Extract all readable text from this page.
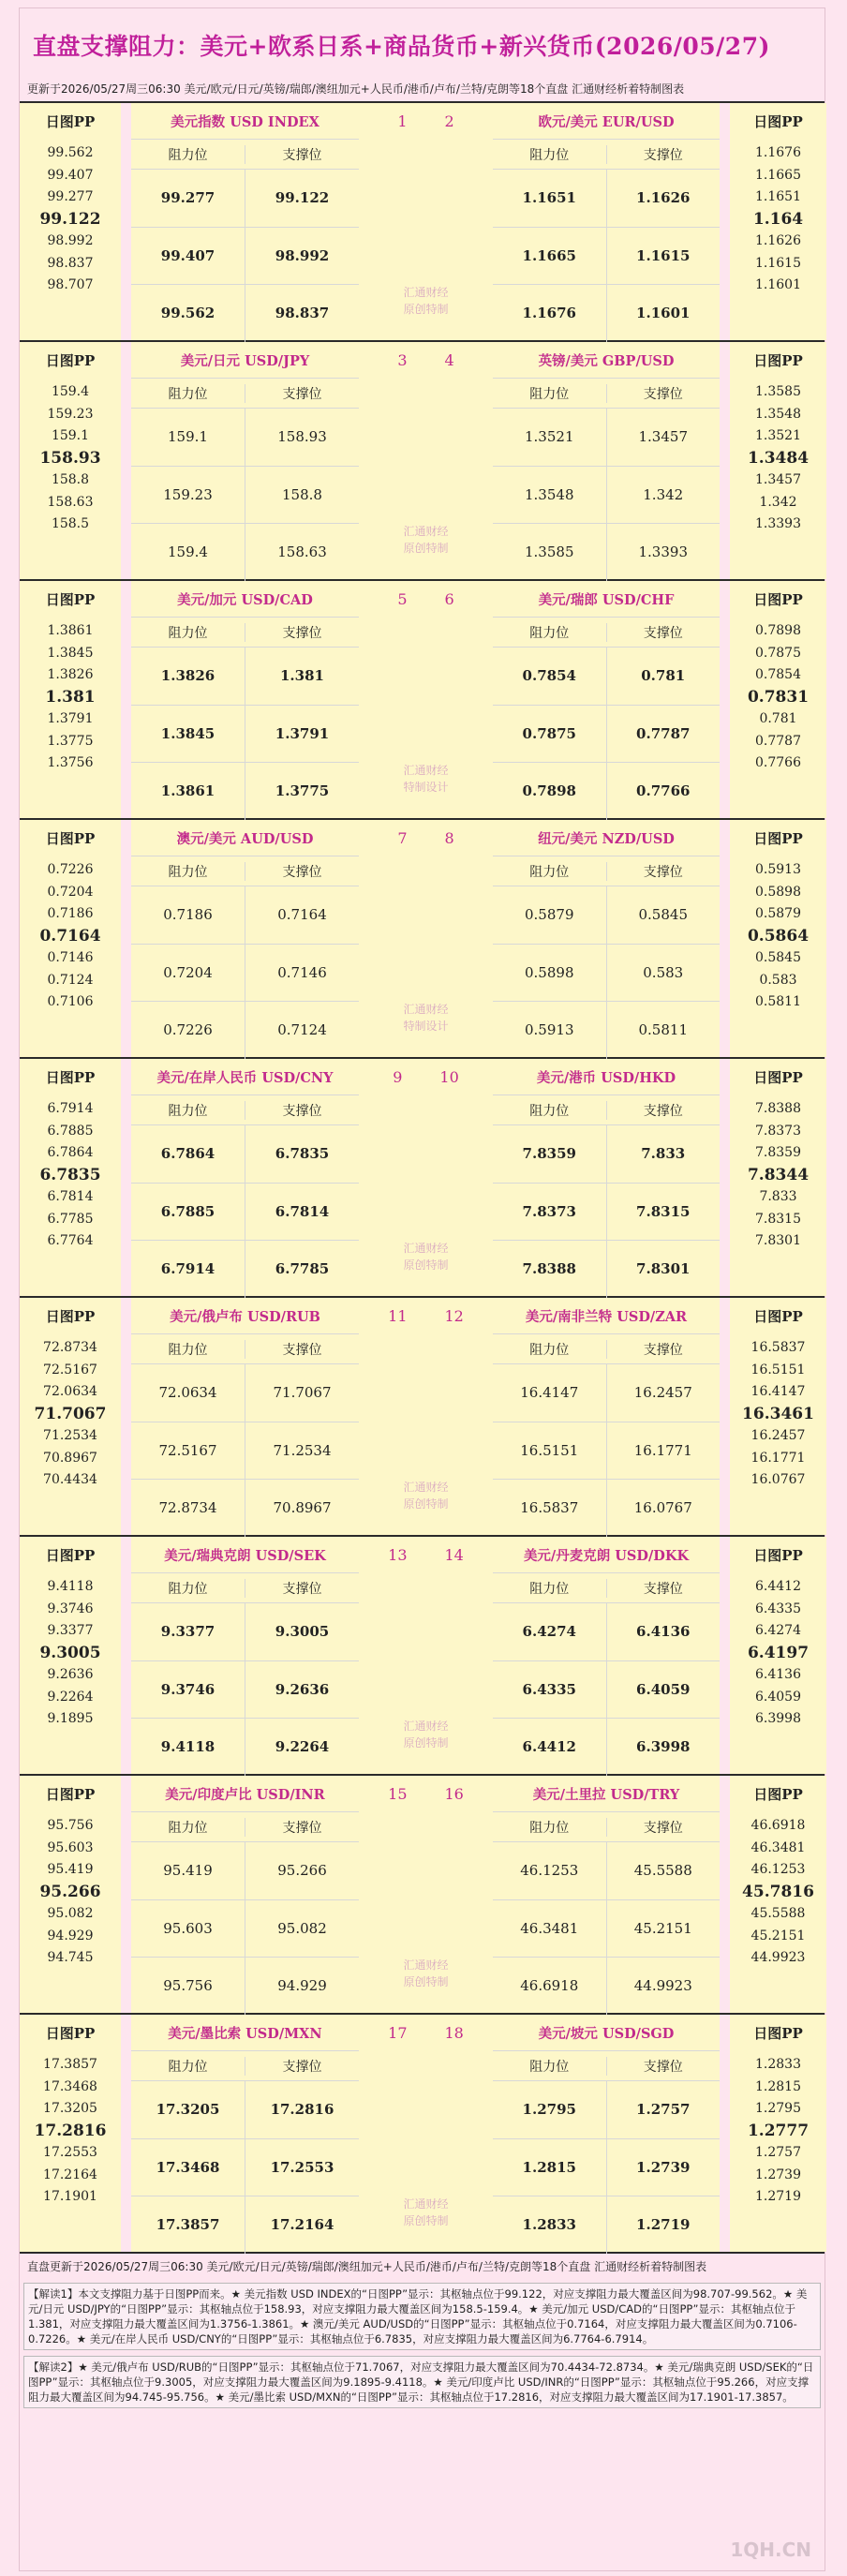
直盘支撑阻力：美元+欧系日系+商品货币+新兴货币(2026/05/27)
更新于2026/05/27周三06:30 美元/欧元/日元/英镑/瑞郎/澳纽加元+人民币/港币/卢布/兰特/克朗等18个直盘 汇通财经析着特制图表
日图PP
99.562
99.407
99.277
99.122
98.992
98.837
98.707
美元指数 USD INDEX
阻力位	支撑位
99.277	99.122
99.407	98.992
99.562	98.837
1	2
汇通财经
原创特制
欧元/美元 EUR/USD
阻力位	支撑位
1.1651	1.1626
1.1665	1.1615
1.1676	1.1601
日图PP
1.1676
1.1665
1.1651
1.164
1.1626
1.1615
1.1601
日图PP
159.4
159.23
159.1
158.93
158.8
158.63
158.5
美元/日元 USD/JPY
阻力位	支撑位
159.1	158.93
159.23	158.8
159.4	158.63
3	4
汇通财经
原创特制
英镑/美元 GBP/USD
阻力位	支撑位
1.3521	1.3457
1.3548	1.342
1.3585	1.3393
日图PP
1.3585
1.3548
1.3521
1.3484
1.3457
1.342
1.3393
日图PP
1.3861
1.3845
1.3826
1.381
1.3791
1.3775
1.3756
美元/加元 USD/CAD
阻力位	支撑位
1.3826	1.381
1.3845	1.3791
1.3861	1.3775
5	6
汇通财经
特制设计
美元/瑞郎 USD/CHF
阻力位	支撑位
0.7854	0.781
0.7875	0.7787
0.7898	0.7766
日图PP
0.7898
0.7875
0.7854
0.7831
0.781
0.7787
0.7766
日图PP
0.7226
0.7204
0.7186
0.7164
0.7146
0.7124
0.7106
澳元/美元 AUD/USD
阻力位	支撑位
0.7186	0.7164
0.7204	0.7146
0.7226	0.7124
7	8
汇通财经
特制设计
纽元/美元 NZD/USD
阻力位	支撑位
0.5879	0.5845
0.5898	0.583
0.5913	0.5811
日图PP
0.5913
0.5898
0.5879
0.5864
0.5845
0.583
0.5811
日图PP
6.7914
6.7885
6.7864
6.7835
6.7814
6.7785
6.7764
美元/在岸人民币 USD/CNY
阻力位	支撑位
6.7864	6.7835
6.7885	6.7814
6.7914	6.7785
9	10
汇通财经
原创特制
美元/港币 USD/HKD
阻力位	支撑位
7.8359	7.833
7.8373	7.8315
7.8388	7.8301
日图PP
7.8388
7.8373
7.8359
7.8344
7.833
7.8315
7.8301
日图PP
72.8734
72.5167
72.0634
71.7067
71.2534
70.8967
70.4434
美元/俄卢布 USD/RUB
阻力位	支撑位
72.0634	71.7067
72.5167	71.2534
72.8734	70.8967
11	12
汇通财经
原创特制
美元/南非兰特 USD/ZAR
阻力位	支撑位
16.4147	16.2457
16.5151	16.1771
16.5837	16.0767
日图PP
16.5837
16.5151
16.4147
16.3461
16.2457
16.1771
16.0767
日图PP
9.4118
9.3746
9.3377
9.3005
9.2636
9.2264
9.1895
美元/瑞典克朗 USD/SEK
阻力位	支撑位
9.3377	9.3005
9.3746	9.2636
9.4118	9.2264
13	14
汇通财经
原创特制
美元/丹麦克朗 USD/DKK
阻力位	支撑位
6.4274	6.4136
6.4335	6.4059
6.4412	6.3998
日图PP
6.4412
6.4335
6.4274
6.4197
6.4136
6.4059
6.3998
日图PP
95.756
95.603
95.419
95.266
95.082
94.929
94.745
美元/印度卢比 USD/INR
阻力位	支撑位
95.419	95.266
95.603	95.082
95.756	94.929
15	16
汇通财经
原创特制
美元/土里拉 USD/TRY
阻力位	支撑位
46.1253	45.5588
46.3481	45.2151
46.6918	44.9923
日图PP
46.6918
46.3481
46.1253
45.7816
45.5588
45.2151
44.9923
日图PP
17.3857
17.3468
17.3205
17.2816
17.2553
17.2164
17.1901
美元/墨比索 USD/MXN
阻力位	支撑位
17.3205	17.2816
17.3468	17.2553
17.3857	17.2164
17	18
汇通财经
原创特制
美元/坡元 USD/SGD
阻力位	支撑位
1.2795	1.2757
1.2815	1.2739
1.2833	1.2719
日图PP
1.2833
1.2815
1.2795
1.2777
1.2757
1.2739
1.2719
直盘更新于2026/05/27周三06:30 美元/欧元/日元/英镑/瑞郎/澳纽加元+人民币/港币/卢布/兰特/克朗等18个直盘 汇通财经析着特制图表
【解读1】本文支撑阻力基于日图PP而来。★ 美元指数 USD INDEX的“日图PP”显示：其枢轴点位于99.122，对应支撑阻力最大覆盖区间为98.707-99.562。★ 美元/日元 USD/JPY的“日图PP”显示：其枢轴点位于158.93，对应支撑阻力最大覆盖区间为158.5-159.4。★ 美元/加元 USD/CAD的“日图PP”显示：其枢轴点位于1.381，对应支撑阻力最大覆盖区间为1.3756-1.3861。★ 澳元/美元 AUD/USD的“日图PP”显示：其枢轴点位于0.7164，对应支撑阻力最大覆盖区间为0.7106-0.7226。★ 美元/在岸人民币 USD/CNY的“日图PP”显示：其枢轴点位于6.7835，对应支撑阻力最大覆盖区间为6.7764-6.7914。
【解读2】★ 美元/俄卢布 USD/RUB的“日图PP”显示：其枢轴点位于71.7067，对应支撑阻力最大覆盖区间为70.4434-72.8734。★ 美元/瑞典克朗 USD/SEK的“日图PP”显示：其枢轴点位于9.3005，对应支撑阻力最大覆盖区间为9.1895-9.4118。★ 美元/印度卢比 USD/INR的“日图PP”显示：其枢轴点位于95.266，对应支撑阻力最大覆盖区间为94.745-95.756。★ 美元/墨比索 USD/MXN的“日图PP”显示：其枢轴点位于17.2816，对应支撑阻力最大覆盖区间为17.1901-17.3857。
1QH.CN
